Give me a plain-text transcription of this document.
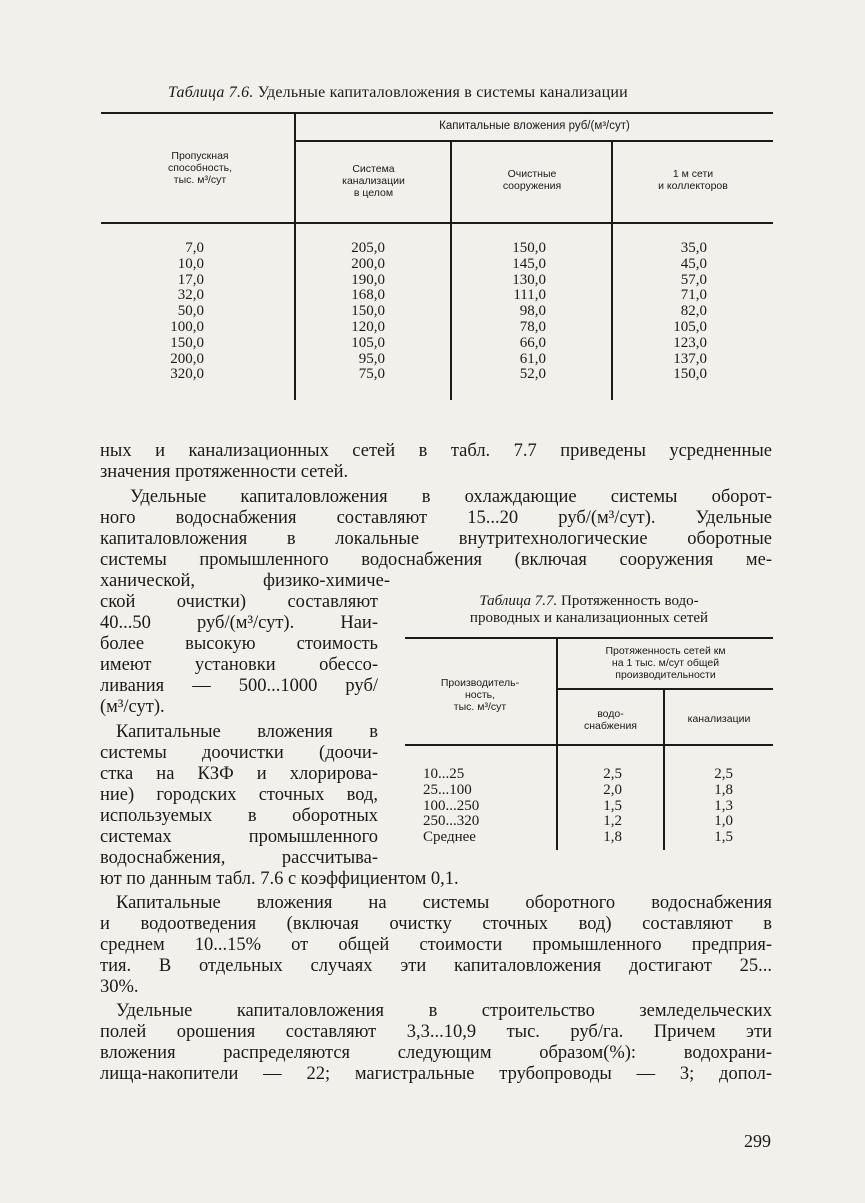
Таблица 7.6. Удельные капиталовложения в системы канализации
Капитальные вложения руб/(м³/сут)
Пропускная
способность,
тыс. м³/сут
Система
канализации
в целом
Очистные
сооружения
1 м сети
и коллекторов
7,0
10,0
17,0
32,0
50,0
100,0
150,0
200,0
320,0
205,0
200,0
190,0
168,0
150,0
120,0
105,0
95,0
75,0
150,0
145,0
130,0
111,0
98,0
78,0
66,0
61,0
52,0
35,0
45,0
57,0
71,0
82,0
105,0
123,0
137,0
150,0
ных и канализационных сетей в табл. 7.7 приведены усредненные
значения протяженности сетей.
Удельные капиталовложения в охлаждающие системы оборот-
ного водоснабжения составляют 15...20 руб/(м³/сут). Удельные
капиталовложения в локальные внутритехнологические оборотные
системы промышленного водоснабжения (включая сооружения ме-
ханической, физико-химиче-
ской очистки) составляют
40...50 руб/(м³/сут). Наи-
более высокую стоимость
имеют установки обессо-
ливания — 500...1000 руб/
(м³/сут).
Капитальные вложения в
системы доочистки (доочи-
стка на КЗФ и хлорирова-
ние) городских сточных вод,
используемых в оборотных
системах промышленного
водоснабжения, рассчитыва-
ют по данным табл. 7.6 с коэффициентом 0,1.
Таблица 7.7. Протяженность водо-
проводных и канализационных сетей
Протяженность сетей км
на 1 тыс. м/сут общей
производительности
Производитель-
ность,
тыс. м³/сут
водо-
снабжения
канализации
10...25
25...100
100...250
250...320
Среднее
2,5
2,0
1,5
1,2
1,8
2,5
1,8
1,3
1,0
1,5
Капитальные вложения на системы оборотного водоснабжения
и водоотведения (включая очистку сточных вод) составляют в
среднем 10...15% от общей стоимости промышленного предприя-
тия. В отдельных случаях эти капиталовложения достигают 25...
30%.
Удельные капиталовложения в строительство земледельческих
полей орошения составляют 3,3...10,9 тыс. руб/га. Причем эти
вложения распределяются следующим образом(%): водохрани-
лища-накопители — 22; магистральные трубопроводы — 3; допол-
299
